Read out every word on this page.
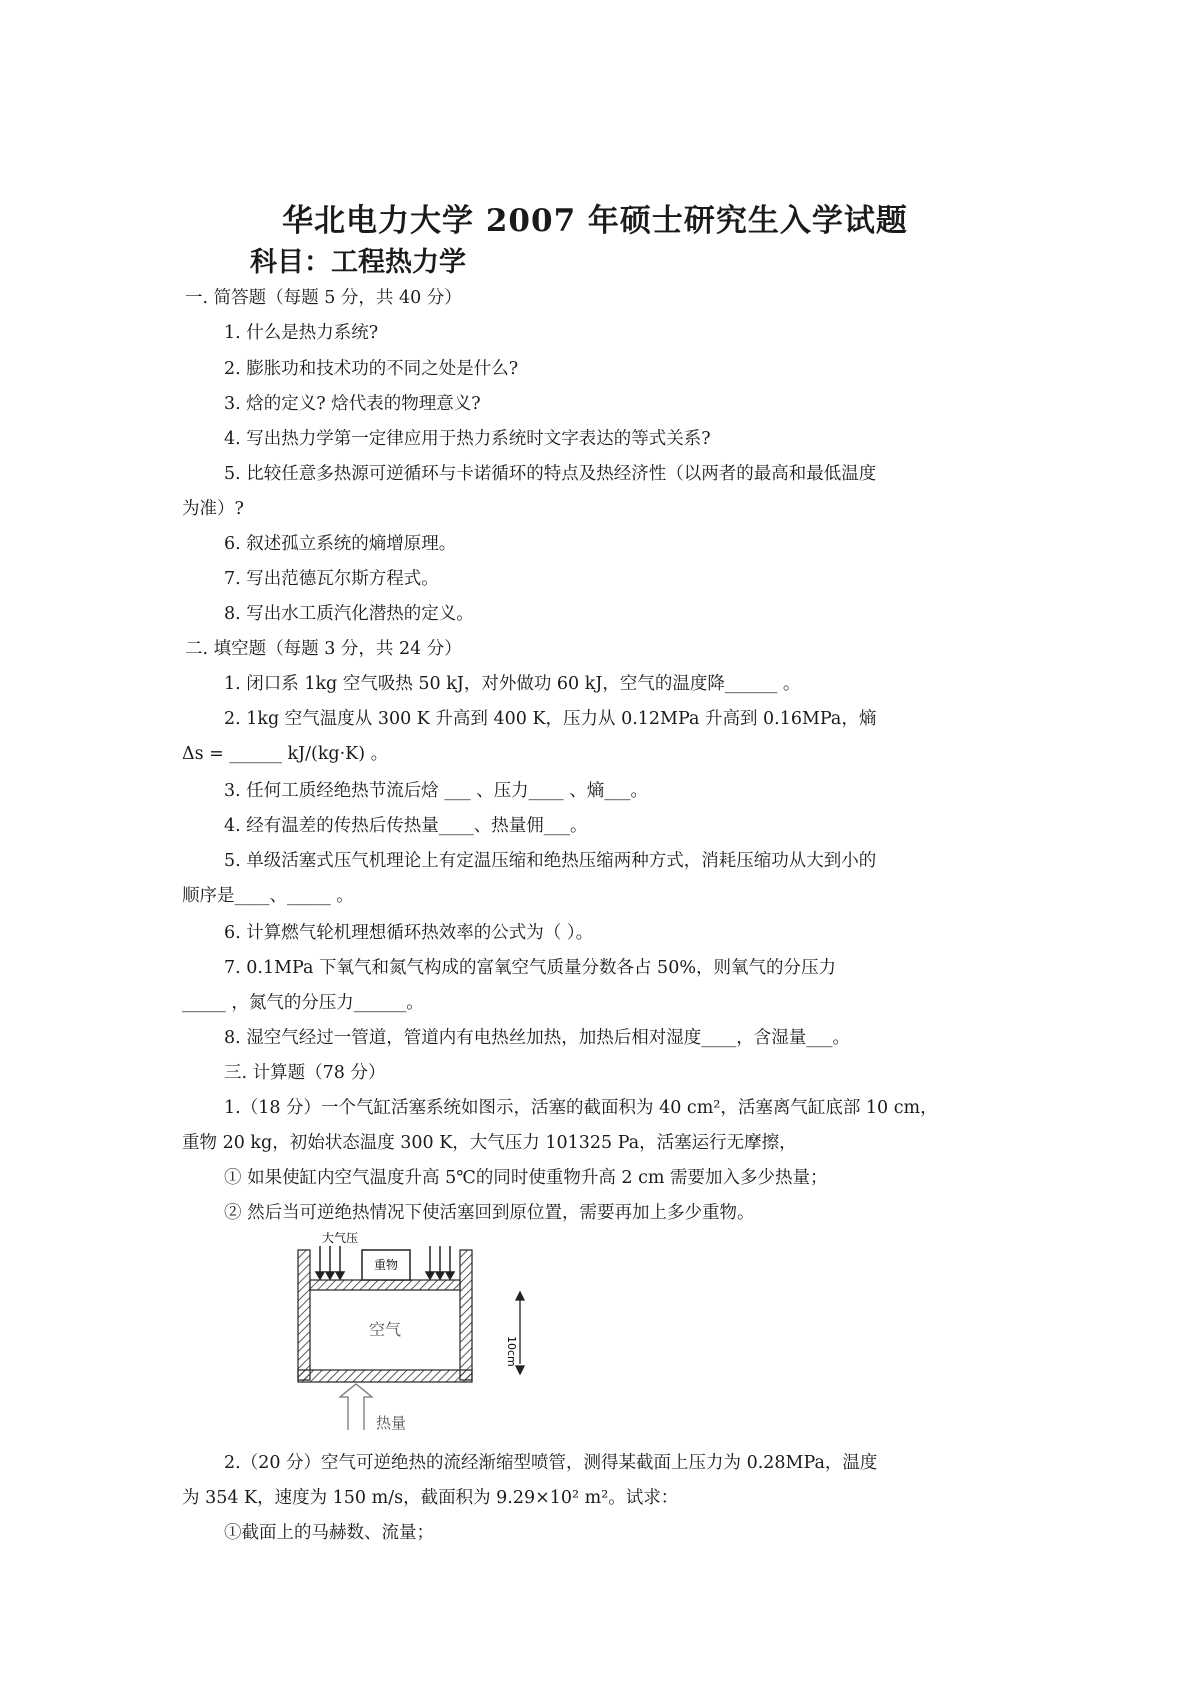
华北电力大学 2007 年硕士研究生入学试题
科目：工程热力学
一. 简答题（每题 5 分，共 40 分）
1. 什么是热力系统?
2. 膨胀功和技术功的不同之处是什么?
3. 焓的定义? 焓代表的物理意义?
4. 写出热力学第一定律应用于热力系统时文字表达的等式关系?
5. 比较任意多热源可逆循环与卡诺循环的特点及热经济性（以两者的最高和最低温度
为准）?
6. 叙述孤立系统的熵增原理。
7. 写出范德瓦尔斯方程式。
8. 写出水工质汽化潜热的定义。
二. 填空题（每题 3 分，共 24 分）
1. 闭口系 1kg 空气吸热 50 kJ，对外做功 60 kJ，空气的温度降______ 。
2. 1kg 空气温度从 300 K 升高到 400 K，压力从 0.12MPa 升高到 0.16MPa，熵
Δs = ______ kJ/(kg·K) 。
3. 任何工质经绝热节流后焓 ___ 、压力____ 、熵___。
4. 经有温差的传热后传热量____、热量佣___。
5. 单级活塞式压气机理论上有定温压缩和绝热压缩两种方式，消耗压缩功从大到小的
顺序是____、_____ 。
6. 计算燃气轮机理想循环热效率的公式为（ ）。
7. 0.1MPa 下氧气和氮气构成的富氧空气质量分数各占 50%，则氧气的分压力
_____ ，氮气的分压力______。
8. 湿空气经过一管道，管道内有电热丝加热，加热后相对湿度____，含湿量___。
三. 计算题（78 分）
1.（18 分）一个气缸活塞系统如图示，活塞的截面积为 40 cm²，活塞离气缸底部 10 cm，
重物 20 kg，初始状态温度 300 K，大气压力 101325 Pa，活塞运行无摩擦，
① 如果使缸内空气温度升高 5℃的同时使重物升高 2 cm 需要加入多少热量；
② 然后当可逆绝热情况下使活塞回到原位置，需要再加上多少重物。
重物
大气压
空气
10cm
热量
2.（20 分）空气可逆绝热的流经渐缩型喷管，测得某截面上压力为 0.28MPa，温度
为 354 K，速度为 150 m/s，截面积为 9.29×10² m²。试求：
①截面上的马赫数、流量；
